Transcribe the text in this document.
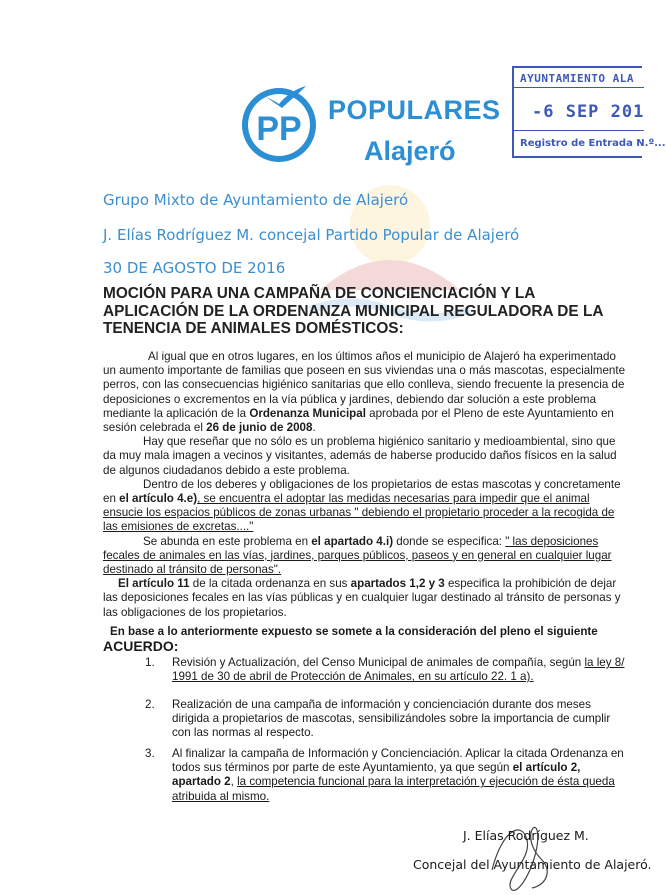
PP POPULARES
Alajeró
AYUNTAMIENTO ALA
-6 SEP 201
Registro de Entrada N.º...
Grupo Mixto de Ayuntamiento de Alajeró
J. Elías Rodríguez M. concejal Partido Popular de Alajeró
30 DE AGOSTO DE 2016
MOCIÓN PARA UNA CAMPAÑA DE CONCIENCIACIÓN Y LA APLICACIÓN DE LA ORDENANZA MUNICIPAL REGULADORA DE LA TENENCIA DE ANIMALES DOMÉSTICOS:

Al igual que en otros lugares, en los últimos años el municipio de Alajeró ha experimentado un aumento importante de familias que poseen en sus viviendas una o más mascotas, especialmente perros, con las consecuencias higiénico sanitarias que ello conlleva, siendo frecuente la presencia de deposiciones o excrementos en la vía pública y jardines, debiendo dar solución a este problema mediante la aplicación de la Ordenanza Municipal aprobada por el Pleno de este Ayuntamiento en sesión celebrada el 26 de junio de 2008.

Hay que reseñar que no sólo es un problema higiénico sanitario y medioambiental, sino que da muy mala imagen a vecinos y visitantes, además de haberse producido daños físicos en la salud de algunos ciudadanos debido a este problema.

Dentro de los deberes y obligaciones de los propietarios de estas mascotas y concretamente en el artículo 4.e), se encuentra el adoptar las medidas necesarias para impedir que el animal ensucie los espacios públicos de zonas urbanas " debiendo el propietario proceder a la recogida de las emisiones de excretas...."

Se abunda en este problema en el apartado 4.i) donde se especifica: " las deposiciones fecales de animales en las vías, jardines, parques públicos, paseos y en general en cualquier lugar destinado al tránsito de personas".

El artículo 11 de la citada ordenanza en sus apartados 1,2 y 3 especifica la prohibición de dejar las deposiciones fecales en las vías públicas y en cualquier lugar destinado al tránsito de personas y las obligaciones de los propietarios.

En base a lo anteriormente expuesto se somete a la consideración del pleno el siguiente
ACUERDO:
1. Revisión y Actualización, del Censo Municipal de animales de compañía, según la ley 8/ 1991 de 30 de abril de Protección de Animales, en su artículo 22. 1 a).
2. Realización de una campaña de información y concienciación durante dos meses dirigida a propietarios de mascotas, sensibilizándoles sobre la importancia de cumplir con las normas al respecto.
3. Al finalizar la campaña de Información y Concienciación. Aplicar la citada Ordenanza en todos sus términos por parte de este Ayuntamiento, ya que según el artículo 2, apartado 2, la competencia funcional para la interpretación y ejecución de ésta queda atribuida al mismo.
J. Elías Rodríguez M.
Concejal del Ayuntamiento de Alajeró.
